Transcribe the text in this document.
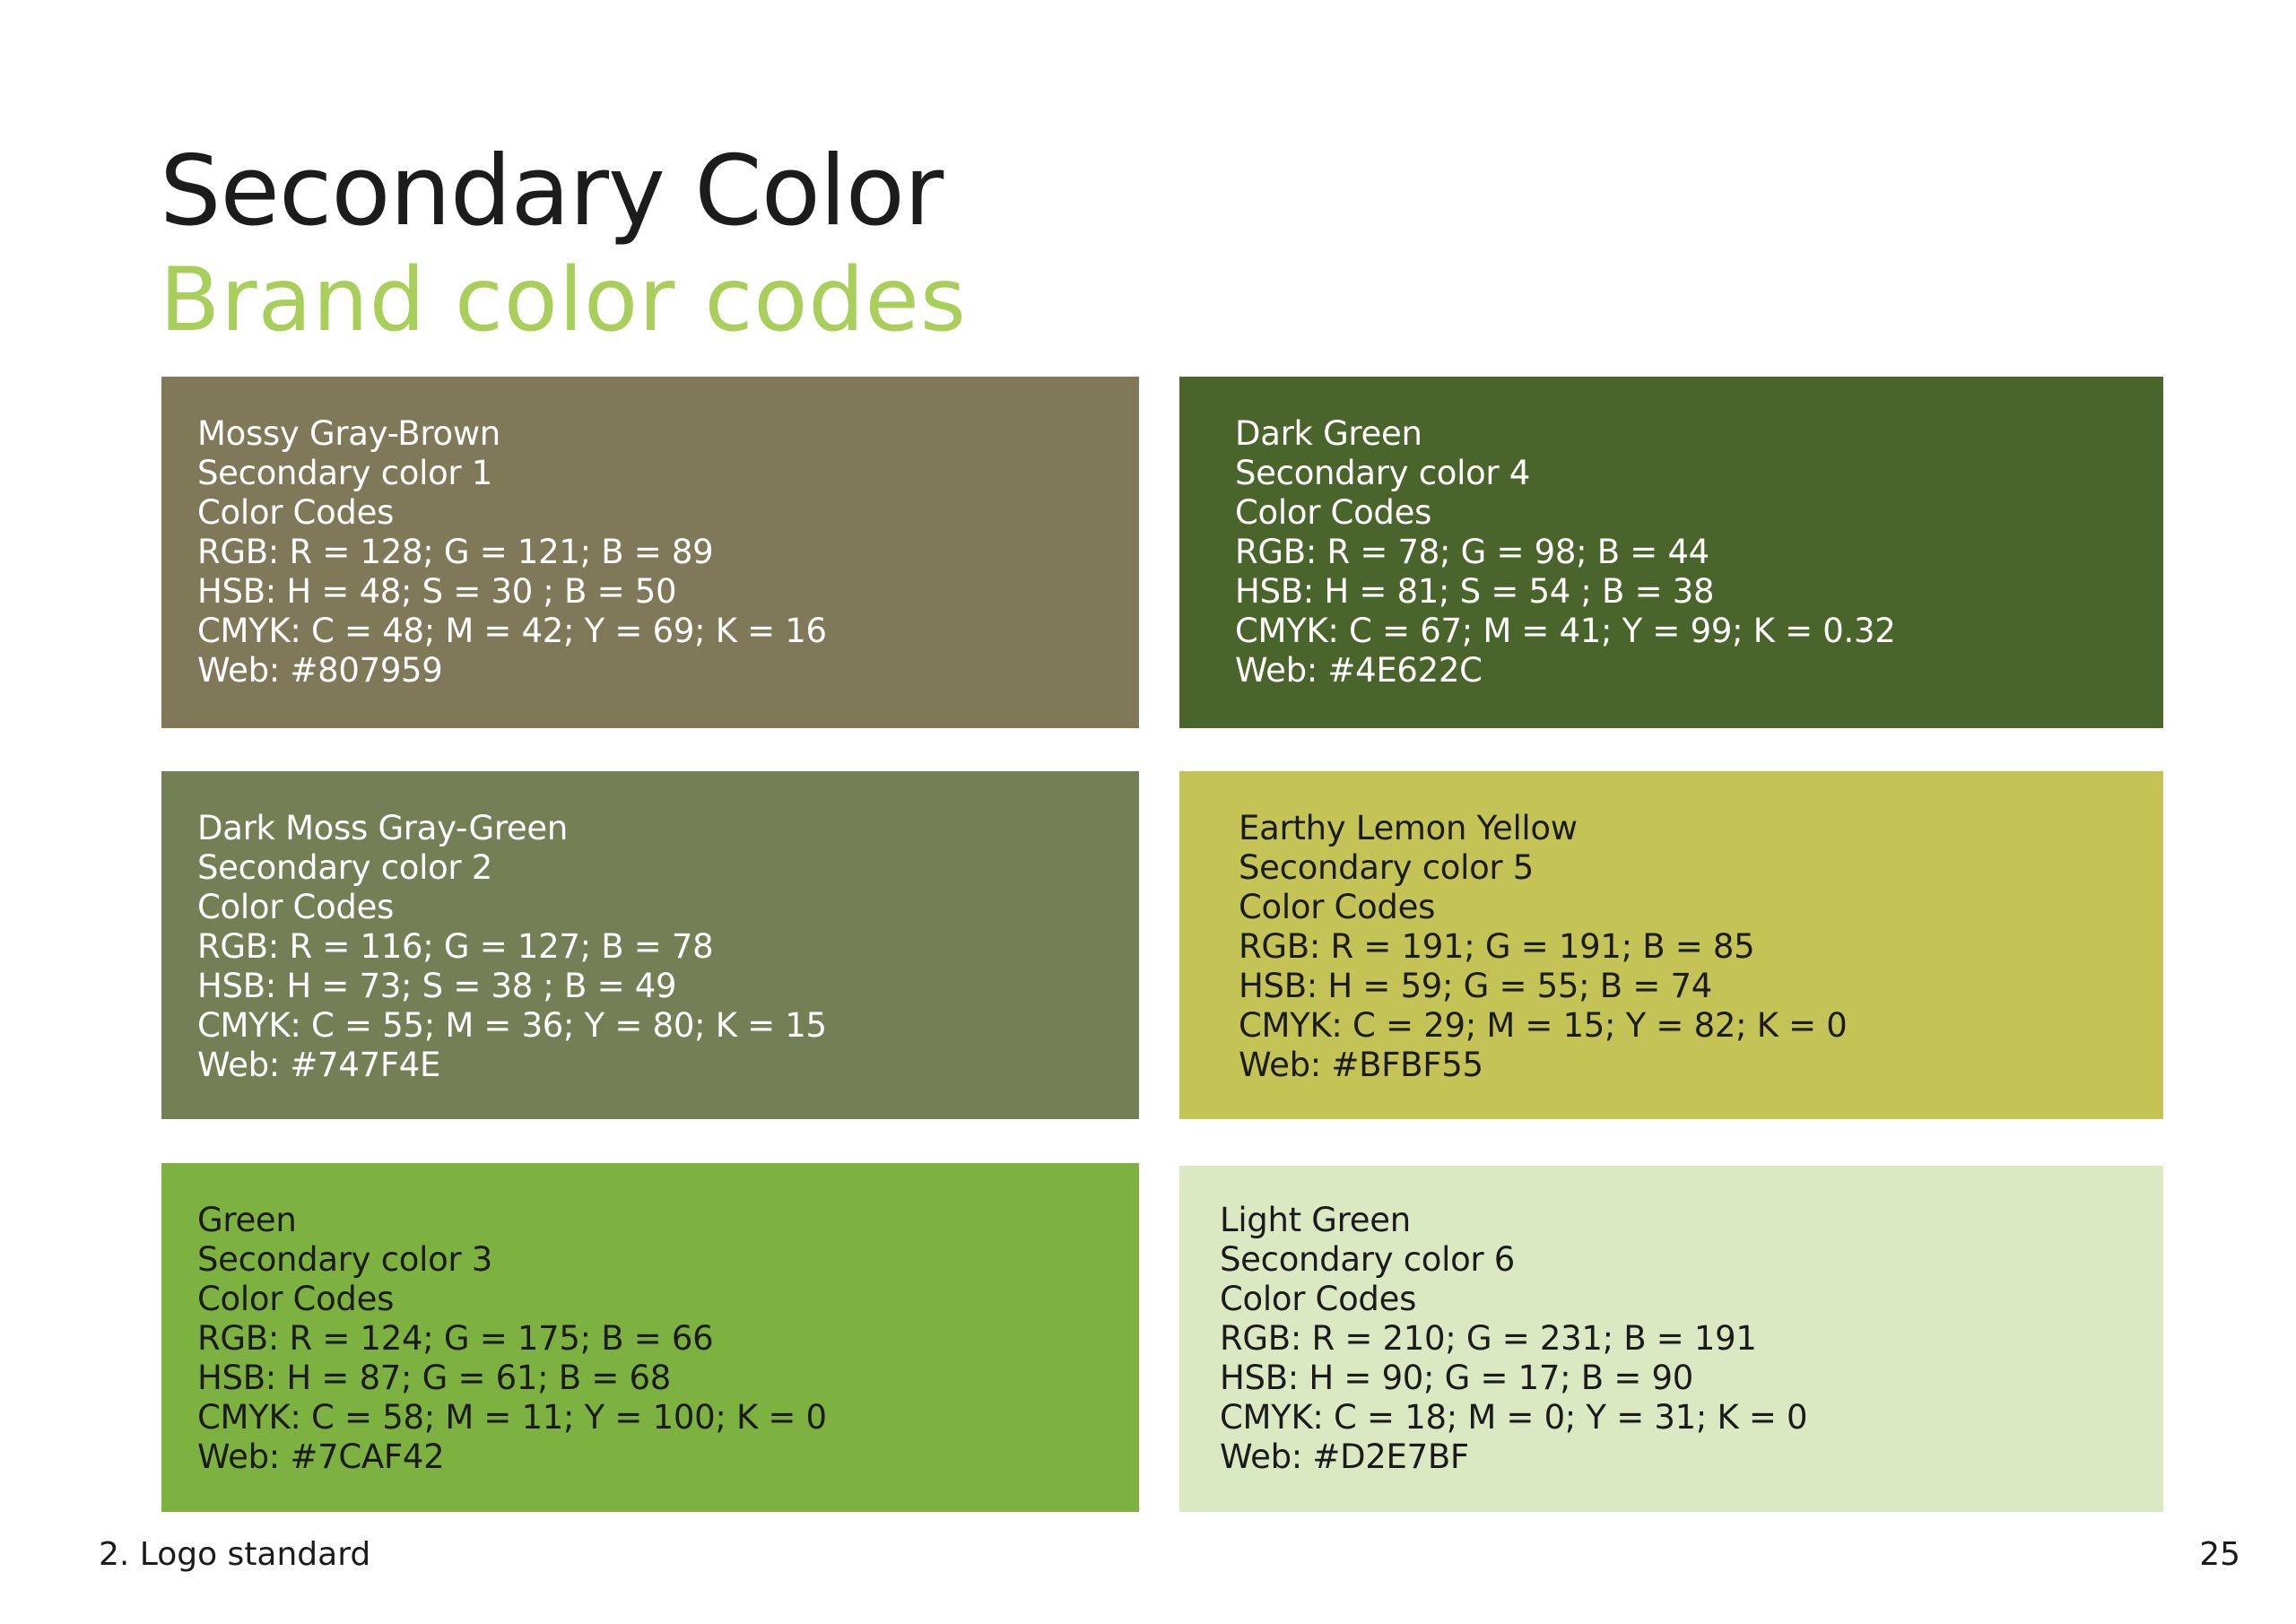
Secondary Color
Brand color codes
Mossy Gray-Brown
Secondary color 1
Color Codes
RGB: R = 128; G = 121; B = 89
HSB: H = 48; S = 30 ; B = 50
CMYK: C = 48; M = 42; Y = 69; K = 16
Web: #807959
Dark Green
Secondary color 4
Color Codes
RGB: R = 78; G = 98; B = 44
HSB: H = 81; S = 54 ; B = 38
CMYK: C = 67; M = 41; Y = 99; K = 0.32
Web: #4E622C
Dark Moss Gray-Green
Secondary color 2
Color Codes
RGB: R = 116; G = 127; B = 78
HSB: H = 73; S = 38 ; B = 49
CMYK: C = 55; M = 36; Y = 80; K = 15
Web: #747F4E
Earthy Lemon Yellow
Secondary color 5
Color Codes
RGB: R = 191; G = 191; B = 85
HSB: H = 59; G = 55; B = 74
CMYK: C = 29; M = 15; Y = 82; K = 0
Web: #BFBF55
Green
Secondary color 3
Color Codes
RGB: R = 124; G = 175; B = 66
HSB: H = 87; G = 61; B = 68
CMYK: C = 58; M = 11; Y = 100; K = 0
Web: #7CAF42
Light Green
Secondary color 6
Color Codes
RGB: R = 210; G = 231; B = 191
HSB: H = 90; G = 17; B = 90
CMYK: C = 18; M = 0; Y = 31; K = 0
Web: #D2E7BF
2. Logo standard	25
